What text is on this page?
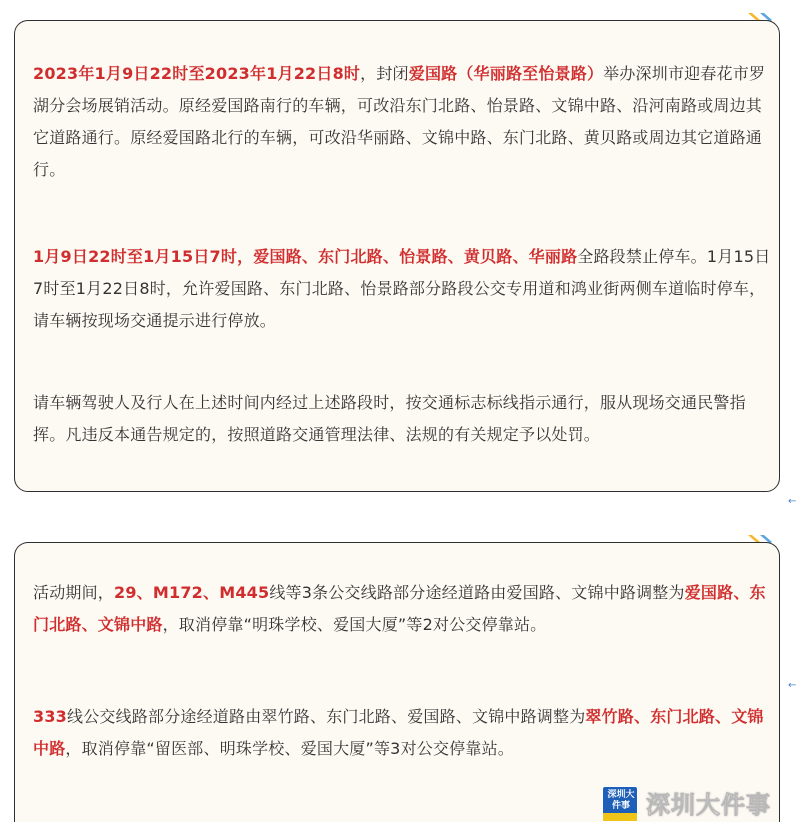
2023年1月9日22时至2023年1月22日8时，封闭爱国路（华丽路至怡景路）举办深圳市迎春花市罗湖分会场展销活动。原经爱国路南行的车辆，可改沿东门北路、怡景路、文锦中路、沿河南路或周边其它道路通行。原经爱国路北行的车辆，可改沿华丽路、文锦中路、东门北路、黄贝路或周边其它道路通行。
1月9日22时至1月15日7时，爱国路、东门北路、怡景路、黄贝路、华丽路全路段禁止停车。1月15日7时至1月22日8时，允许爱国路、东门北路、怡景路部分路段公交专用道和鸿业街两侧车道临时停车，请车辆按现场交通提示进行停放。
请车辆驾驶人及行人在上述时间内经过上述路段时，按交通标志标线指示通行，服从现场交通民警指挥。凡违反本通告规定的，按照道路交通管理法律、法规的有关规定予以处罚。
←
活动期间，29、M172、M445线等3条公交线路部分途经道路由爱国路、文锦中路调整为爱国路、东门北路、文锦中路，取消停靠“明珠学校、爱国大厦”等2对公交停靠站。
333线公交线路部分途经道路由翠竹路、东门北路、爱国路、文锦中路调整为翠竹路、东门北路、文锦中路，取消停靠“留医部、明珠学校、爱国大厦”等3对公交停靠站。
←
深圳大件事 深圳大件事
